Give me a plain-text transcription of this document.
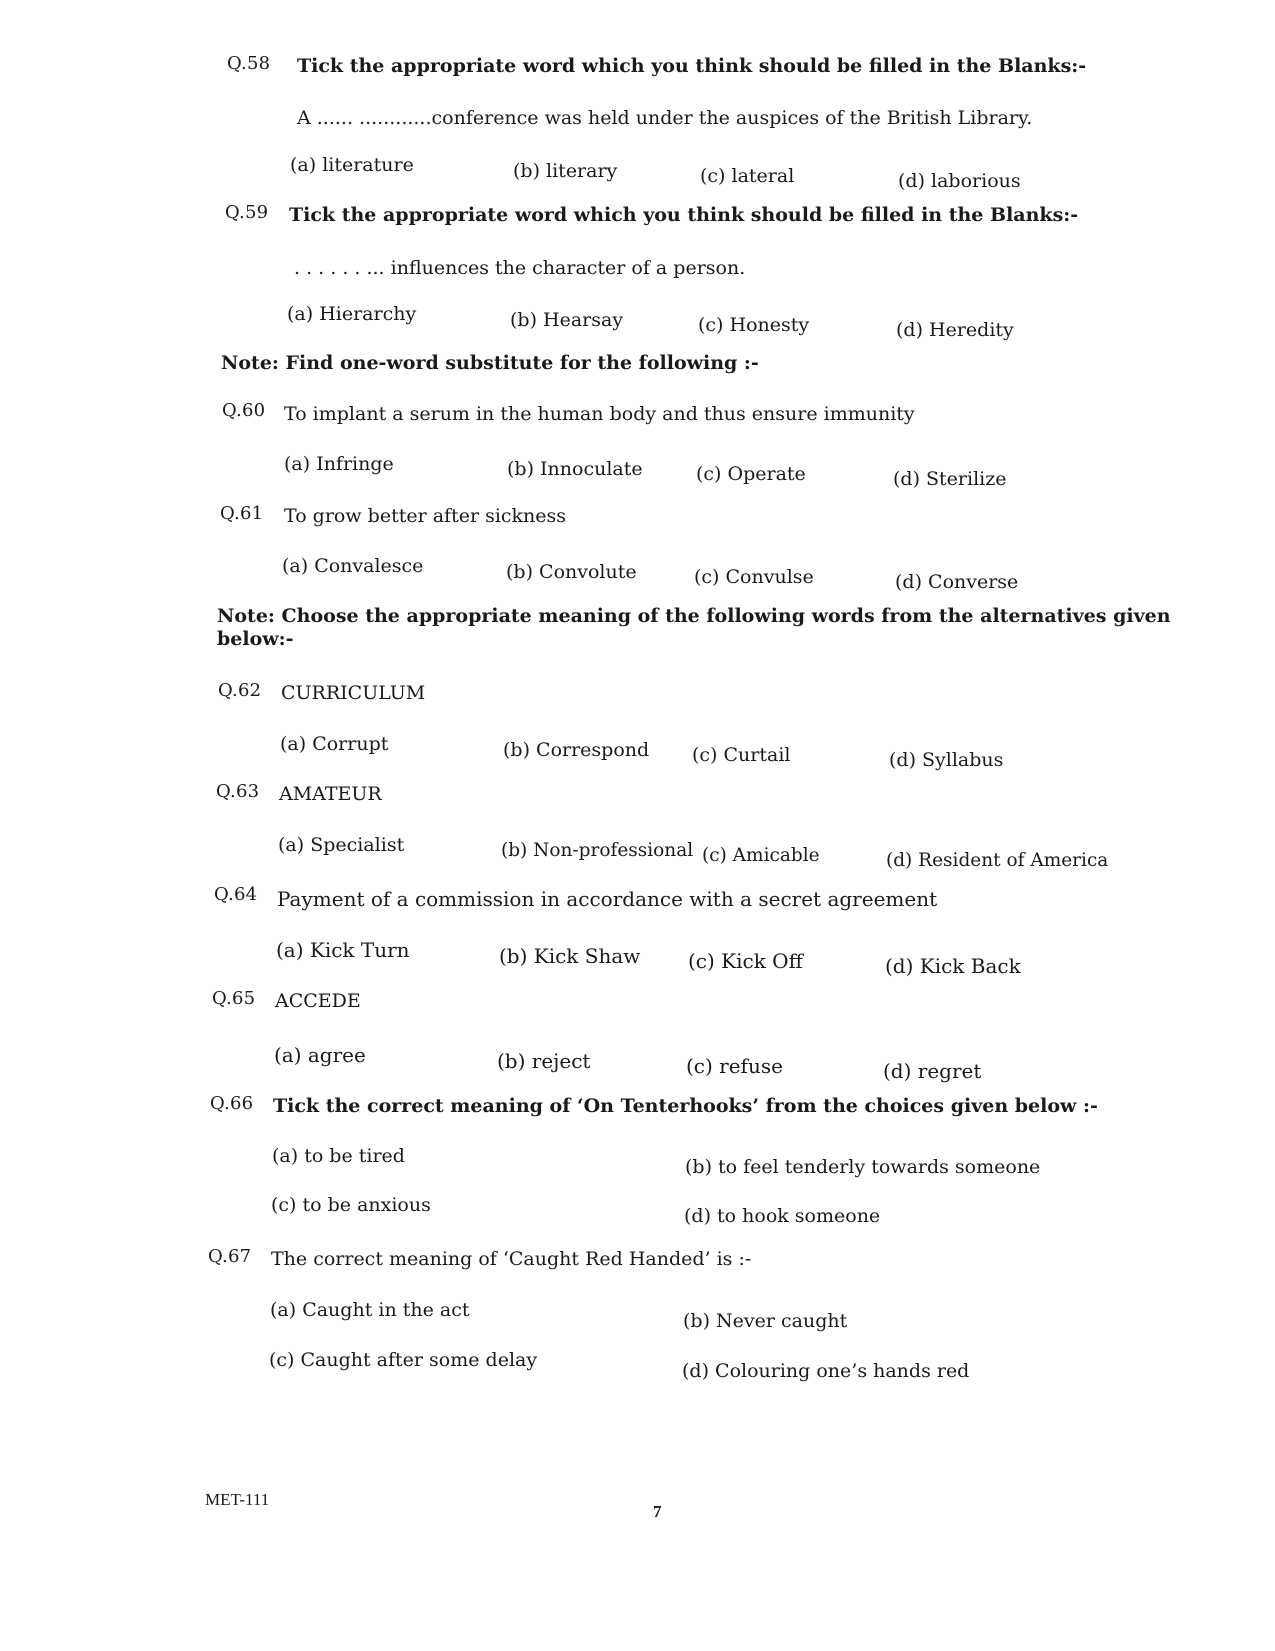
Q.58 Tick the appropriate word which you think should be filled in the Blanks:-
A ...... ............conference was held under the auspices of the British Library.
(a) literature	(b) literary	(c) lateral	(d) laborious
Q.59 Tick the appropriate word which you think should be filled in the Blanks:-
. . . . . . ... influences the character of a person.
(a) Hierarchy	(b) Hearsay	(c) Honesty	(d) Heredity
Note: Find one-word substitute for the following :-
Q.60 To implant a serum in the human body and thus ensure immunity
(a) Infringe	(b) Innoculate	(c) Operate	(d) Sterilize
Q.61 To grow better after sickness
(a) Convalesce	(b) Convolute	(c) Convulse	(d) Converse
Note: Choose the appropriate meaning of the following words from the alternatives given
below:-
Q.62 CURRICULUM
(a) Corrupt	(b) Correspond (c) Curtail	(d) Syllabus
Q.63 AMATEUR
(a) Specialist	(b) Non-professional (c) Amicable	(d) Resident of America
Q.64 Payment of a commission in accordance with a secret agreement
(a) Kick Turn	(b) Kick Shaw (c) Kick Off	(d) Kick Back
Q.65 ACCEDE
(a) agree	(b) reject	(c) refuse	(d) regret
Q.66 Tick the correct meaning of ‘On Tenterhooks’ from the choices given below :-
(a) to be tired	(b) to feel tenderly towards someone
(c) to be anxious	(d) to hook someone
Q.67 The correct meaning of ‘Caught Red Handed’ is :-
(a) Caught in the act	(b) Never caught
(c) Caught after some delay	(d) Colouring one’s hands red
MET-111
7
